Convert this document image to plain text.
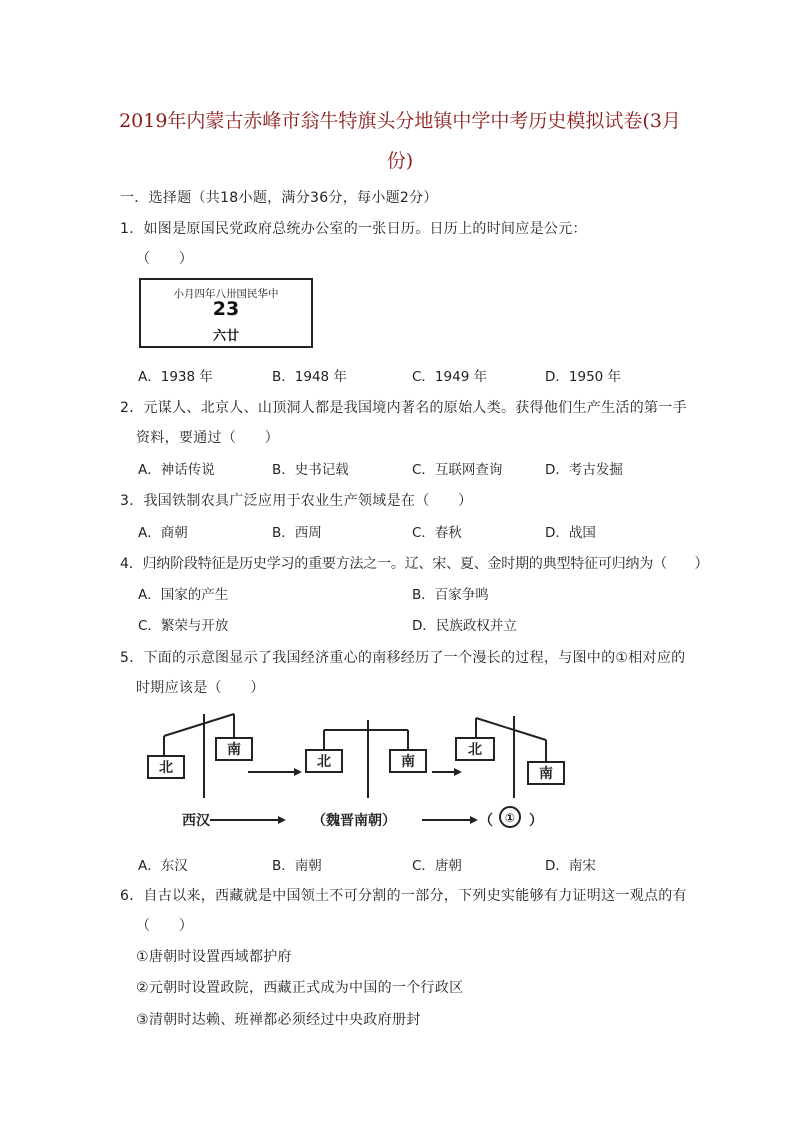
2019年内蒙古赤峰市翁牛特旗头分地镇中学中考历史模拟试卷(3月
份)
一．选择题（共18小题，满分36分，每小题2分）
1．如图是原国民党政府总统办公室的一张日历。日历上的时间应是公元：
（　　）
小月四年八卅国民华中
23
六廿
A．1938 年	B．1948 年	C．1949 年	D．1950 年
2．元谋人、北京人、山顶洞人都是我国境内著名的原始人类。获得他们生产生活的第一手
资料，要通过（　　）
A．神话传说	B．史书记载	C．互联网查询	D．考古发掘
3．我国铁制农具广泛应用于农业生产领域是在（　　）
A．商朝	B．西周	C．春秋	D．战国
4．归纳阶段特征是历史学习的重要方法之一。辽、宋、夏、金时期的典型特征可归纳为（　　）
A．国家的产生	B．百家争鸣
C．繁荣与开放	D．民族政权并立
5．下面的示意图显示了我国经济重心的南移经历了一个漫长的过程，与图中的①相对应的
时期应该是（　　）
北
南
北	南
北
南
西汉	（魏晋南朝）	（ ① ）
A．东汉	B．南朝	C．唐朝	D．南宋
6．自古以来，西藏就是中国领土不可分割的一部分，下列史实能够有力证明这一观点的有
（　　）
①唐朝时设置西域都护府
②元朝时设置政院，西藏正式成为中国的一个行政区
③清朝时达赖、班禅都必须经过中央政府册封
